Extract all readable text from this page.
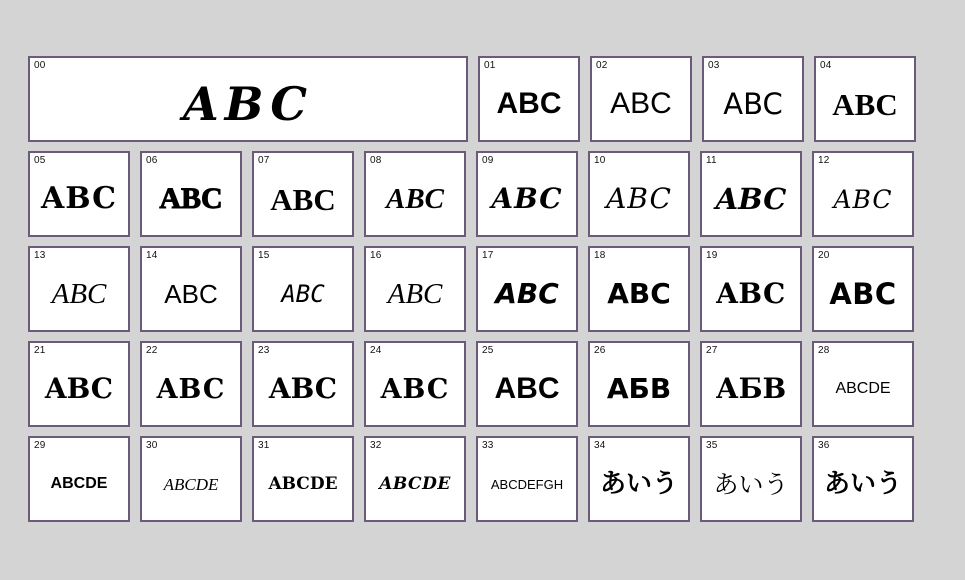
00
ABC
01
ABC
02
ABC
03
ABC
04
ABC
05
ABC
06
ABC
07
ABC
08
ABC
09
ABC
10
ABC
11
ABC
12
ABC
13
ABC
14
ABC
15
ABC
16
ABC
17
ABC
18
ABC
19
ABC
20
ABC
21
ABC
22
ABC
23
ABC
24
ABC
25
ABC
26
АБВ
27
АБВ
28
ABCDE
29
ABCDE
30
ABCDE
31
ABCDE
32
ABCDE
33
ABCDEFGH
34
あいう
35
あいう
36
あいう
